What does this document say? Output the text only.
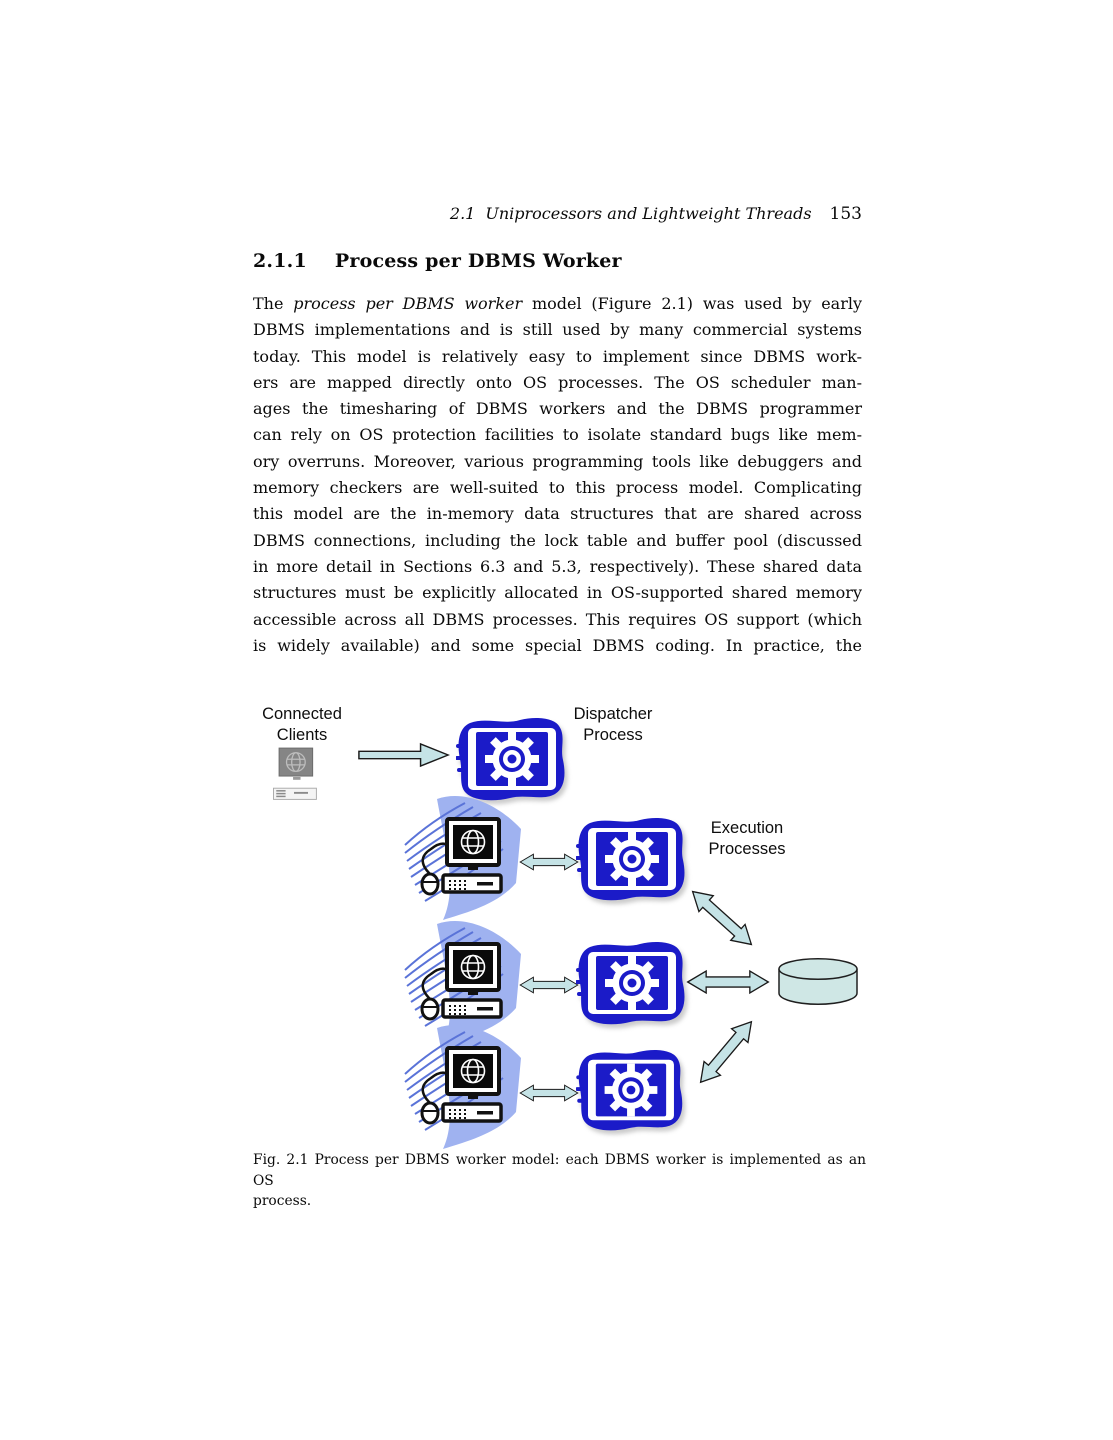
2.1 Uniprocessors and Lightweight Threads 153
2.1.1 Process per DBMS Worker
The process per DBMS worker model (Figure 2.1) was used by early
DBMS implementations and is still used by many commercial systems
today. This model is relatively easy to implement since DBMS work-
ers are mapped directly onto OS processes. The OS scheduler man-
ages the timesharing of DBMS workers and the DBMS programmer
can rely on OS protection facilities to isolate standard bugs like mem-
ory overruns. Moreover, various programming tools like debuggers and
memory checkers are well-suited to this process model. Complicating
this model are the in-memory data structures that are shared across
DBMS connections, including the lock table and buffer pool (discussed
in more detail in Sections 6.3 and 5.3, respectively). These shared data
structures must be explicitly allocated in OS-supported shared memory
accessible across all DBMS processes. This requires OS support (which
is widely available) and some special DBMS coding. In practice, the
Connected
Clients
Dispatcher
Process
Execution
Processes
Fig. 2.1 Process per DBMS worker model: each DBMS worker is implemented as an OS
process.
